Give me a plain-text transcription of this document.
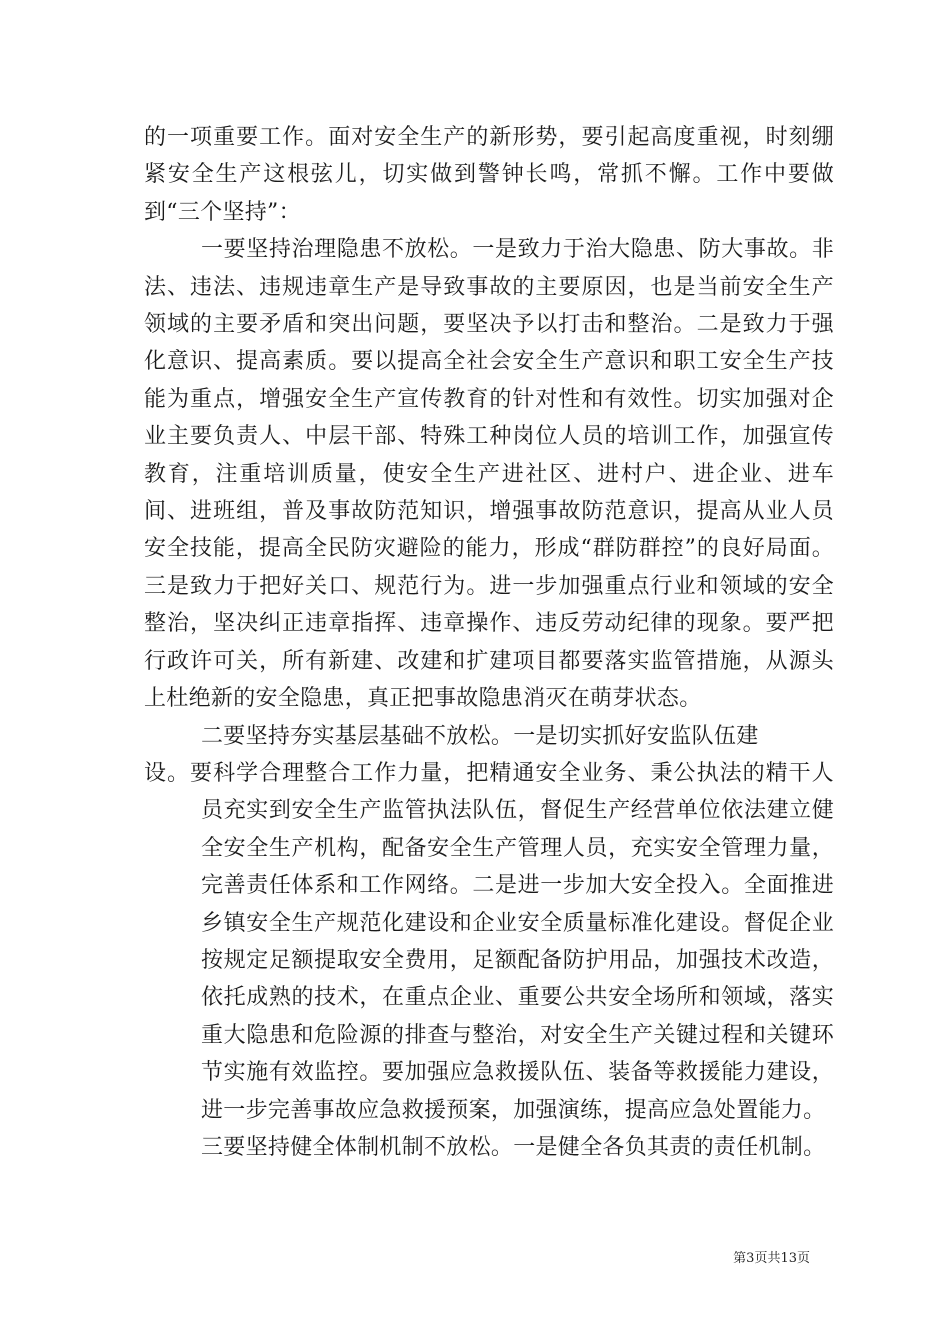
的一项重要工作。面对安全生产的新形势，要引起高度重视，时刻绷紧安全生产这根弦儿，切实做到警钟长鸣，常抓不懈。工作中要做到“三个坚持”：

一要坚持治理隐患不放松。一是致力于治大隐患、防大事故。非法、违法、违规违章生产是导致事故的主要原因，也是当前安全生产领域的主要矛盾和突出问题，要坚决予以打击和整治。二是致力于强化意识、提高素质。要以提高全社会安全生产意识和职工安全生产技能为重点，增强安全生产宣传教育的针对性和有效性。切实加强对企业主要负责人、中层干部、特殊工种岗位人员的培训工作，加强宣传教育，注重培训质量，使安全生产进社区、进村户、进企业、进车间、进班组，普及事故防范知识，增强事故防范意识，提高从业人员安全技能，提高全民防灾避险的能力，形成“群防群控”的良好局面。三是致力于把好关口、规范行为。进一步加强重点行业和领域的安全整治，坚决纠正违章指挥、违章操作、违反劳动纪律的现象。要严把行政许可关，所有新建、改建和扩建项目都要落实监管措施，从源头上杜绝新的安全隐患，真正把事故隐患消灭在萌芽状态。

二要坚持夯实基层基础不放松。一是切实抓好安监队伍建

设。要科学合理整合工作力量，把精通安全业务、秉公执法的精干人员充实到安全生产监管执法队伍，督促生产经营单位依法建立健全安全生产机构，配备安全生产管理人员，充实安全管理力量，完善责任体系和工作网络。二是进一步加大安全投入。全面推进乡镇安全生产规范化建设和企业安全质量标准化建设。督促企业按规定足额提取安全费用，足额配备防护用品，加强技术改造，依托成熟的技术，在重点企业、重要公共安全场所和领域，落实重大隐患和危险源的排查与整治，对安全生产关键过程和关键环节实施有效监控。要加强应急救援队伍、装备等救援能力建设，进一步完善事故应急救援预案，加强演练，提高应急处置能力。

三要坚持健全体制机制不放松。一是健全各负其责的责任机制。

第3页共13页
